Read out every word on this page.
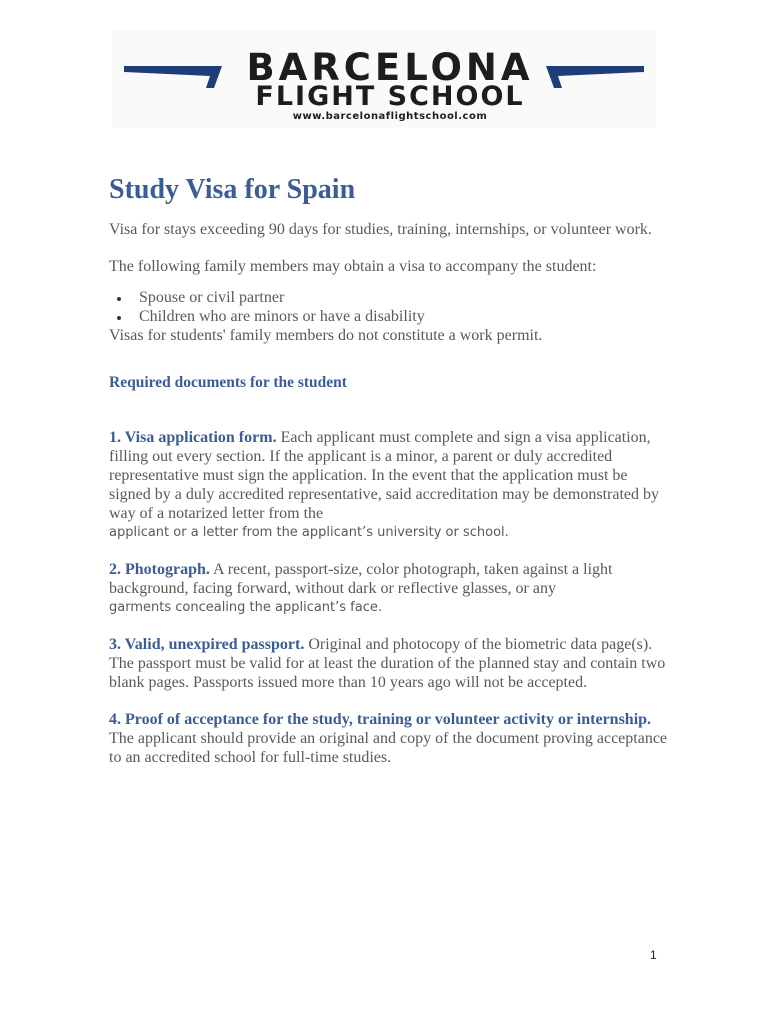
BARCELONA
FLIGHT SCHOOL
www.barcelonaflightschool.com
Study Visa for Spain

Visa for stays exceeding 90 days for studies, training, internships, or volunteer work.

The following family members may obtain a visa to accompany the student:

Spouse or civil partner
Children who are minors or have a disability

Visas for students' family members do not constitute a work permit.

Required documents for the student
1. Visa application form. Each applicant must complete and sign a visa application, filling out every section. If the applicant is a minor, a parent or duly accredited representative must sign the application. In the event that the application must be signed by a duly accredited representative, said accreditation may be demonstrated by way of a notarized letter from the
applicant or a letter from the applicant’s university or school.
2. Photograph. A recent, passport-size, color photograph, taken against a light background, facing forward, without dark or reflective glasses, or any
garments concealing the applicant’s face.
3. Valid, unexpired passport. Original and photocopy of the biometric data page(s). The passport must be valid for at least the duration of the planned stay and contain two blank pages. Passports issued more than 10 years ago will not be accepted.
4. Proof of acceptance for the study, training or volunteer activity or internship.
The applicant should provide an original and copy of the document proving acceptance to an accredited school for full-time studies.
1
